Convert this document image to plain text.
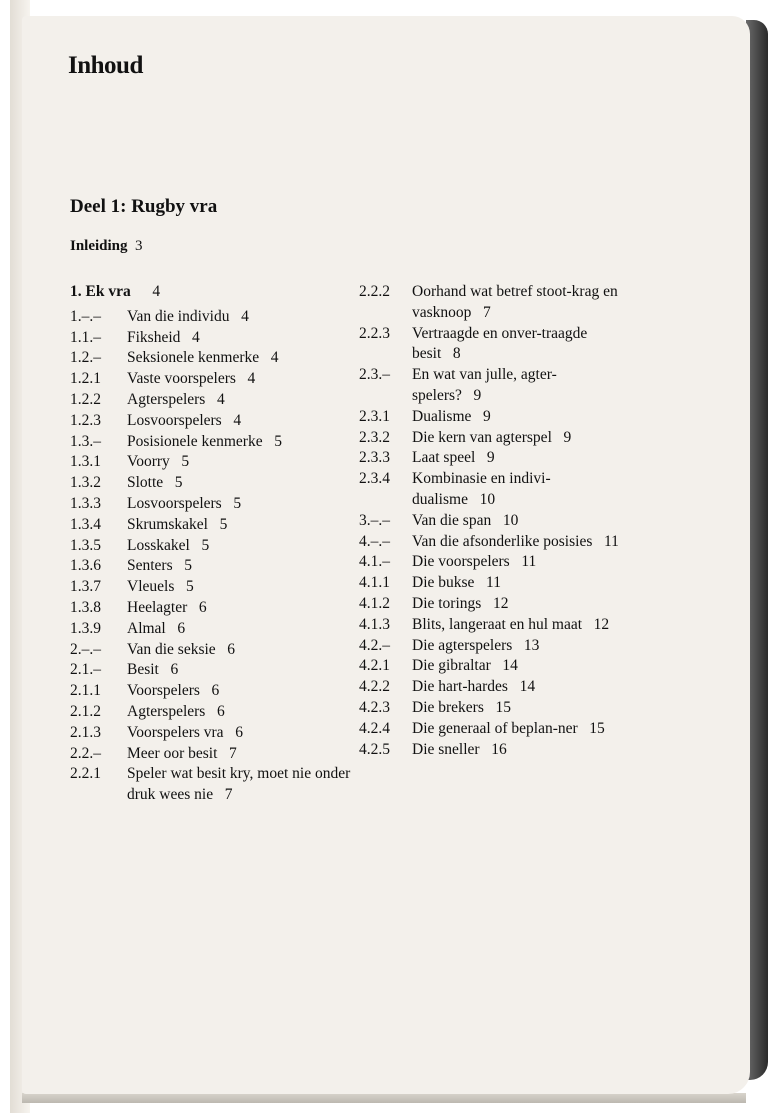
Inhoud
Deel 1: Rugby vra
Inleiding 3
1. Ek vra	4
1.–.–	Van die individu 4
1.1.–	Fiksheid 4
1.2.–	Seksionele kenmerke 4
1.2.1	Vaste voorspelers 4
1.2.2	Agterspelers 4
1.2.3	Losvoorspelers 4
1.3.–	Posisionele kenmerke 5
1.3.1	Voorry 5
1.3.2	Slotte 5
1.3.3	Losvoorspelers 5
1.3.4	Skrumskakel 5
1.3.5	Losskakel 5
1.3.6	Senters 5
1.3.7	Vleuels 5
1.3.8	Heelagter 6
1.3.9	Almal 6
2.–.–	Van die seksie 6
2.1.–	Besit 6
2.1.1	Voorspelers 6
2.1.2	Agterspelers 6
2.1.3	Voorspelers vra 6
2.2.–	Meer oor besit 7
2.2.1	Speler wat besit kry, moet nie onder druk wees nie 7
2.2.2	Oorhand wat betref stoot-krag en vasknoop 7
2.2.3	Vertraagde en onver-traagde besit 8
2.3.–	En wat van julle, agter-spelers? 9
2.3.1	Dualisme 9
2.3.2	Die kern van agterspel 9
2.3.3	Laat speel 9
2.3.4	Kombinasie en indivi-dualisme 10
3.–.–	Van die span 10
4.–.–	Van die afsonderlike posisies 11
4.1.–	Die voorspelers 11
4.1.1	Die bukse 11
4.1.2	Die torings 12
4.1.3	Blits, langeraat en hul maat 12
4.2.–	Die agterspelers 13
4.2.1	Die gibraltar 14
4.2.2	Die hart-hardes 14
4.2.3	Die brekers 15
4.2.4	Die generaal of beplan-ner 15
4.2.5	Die sneller 16
